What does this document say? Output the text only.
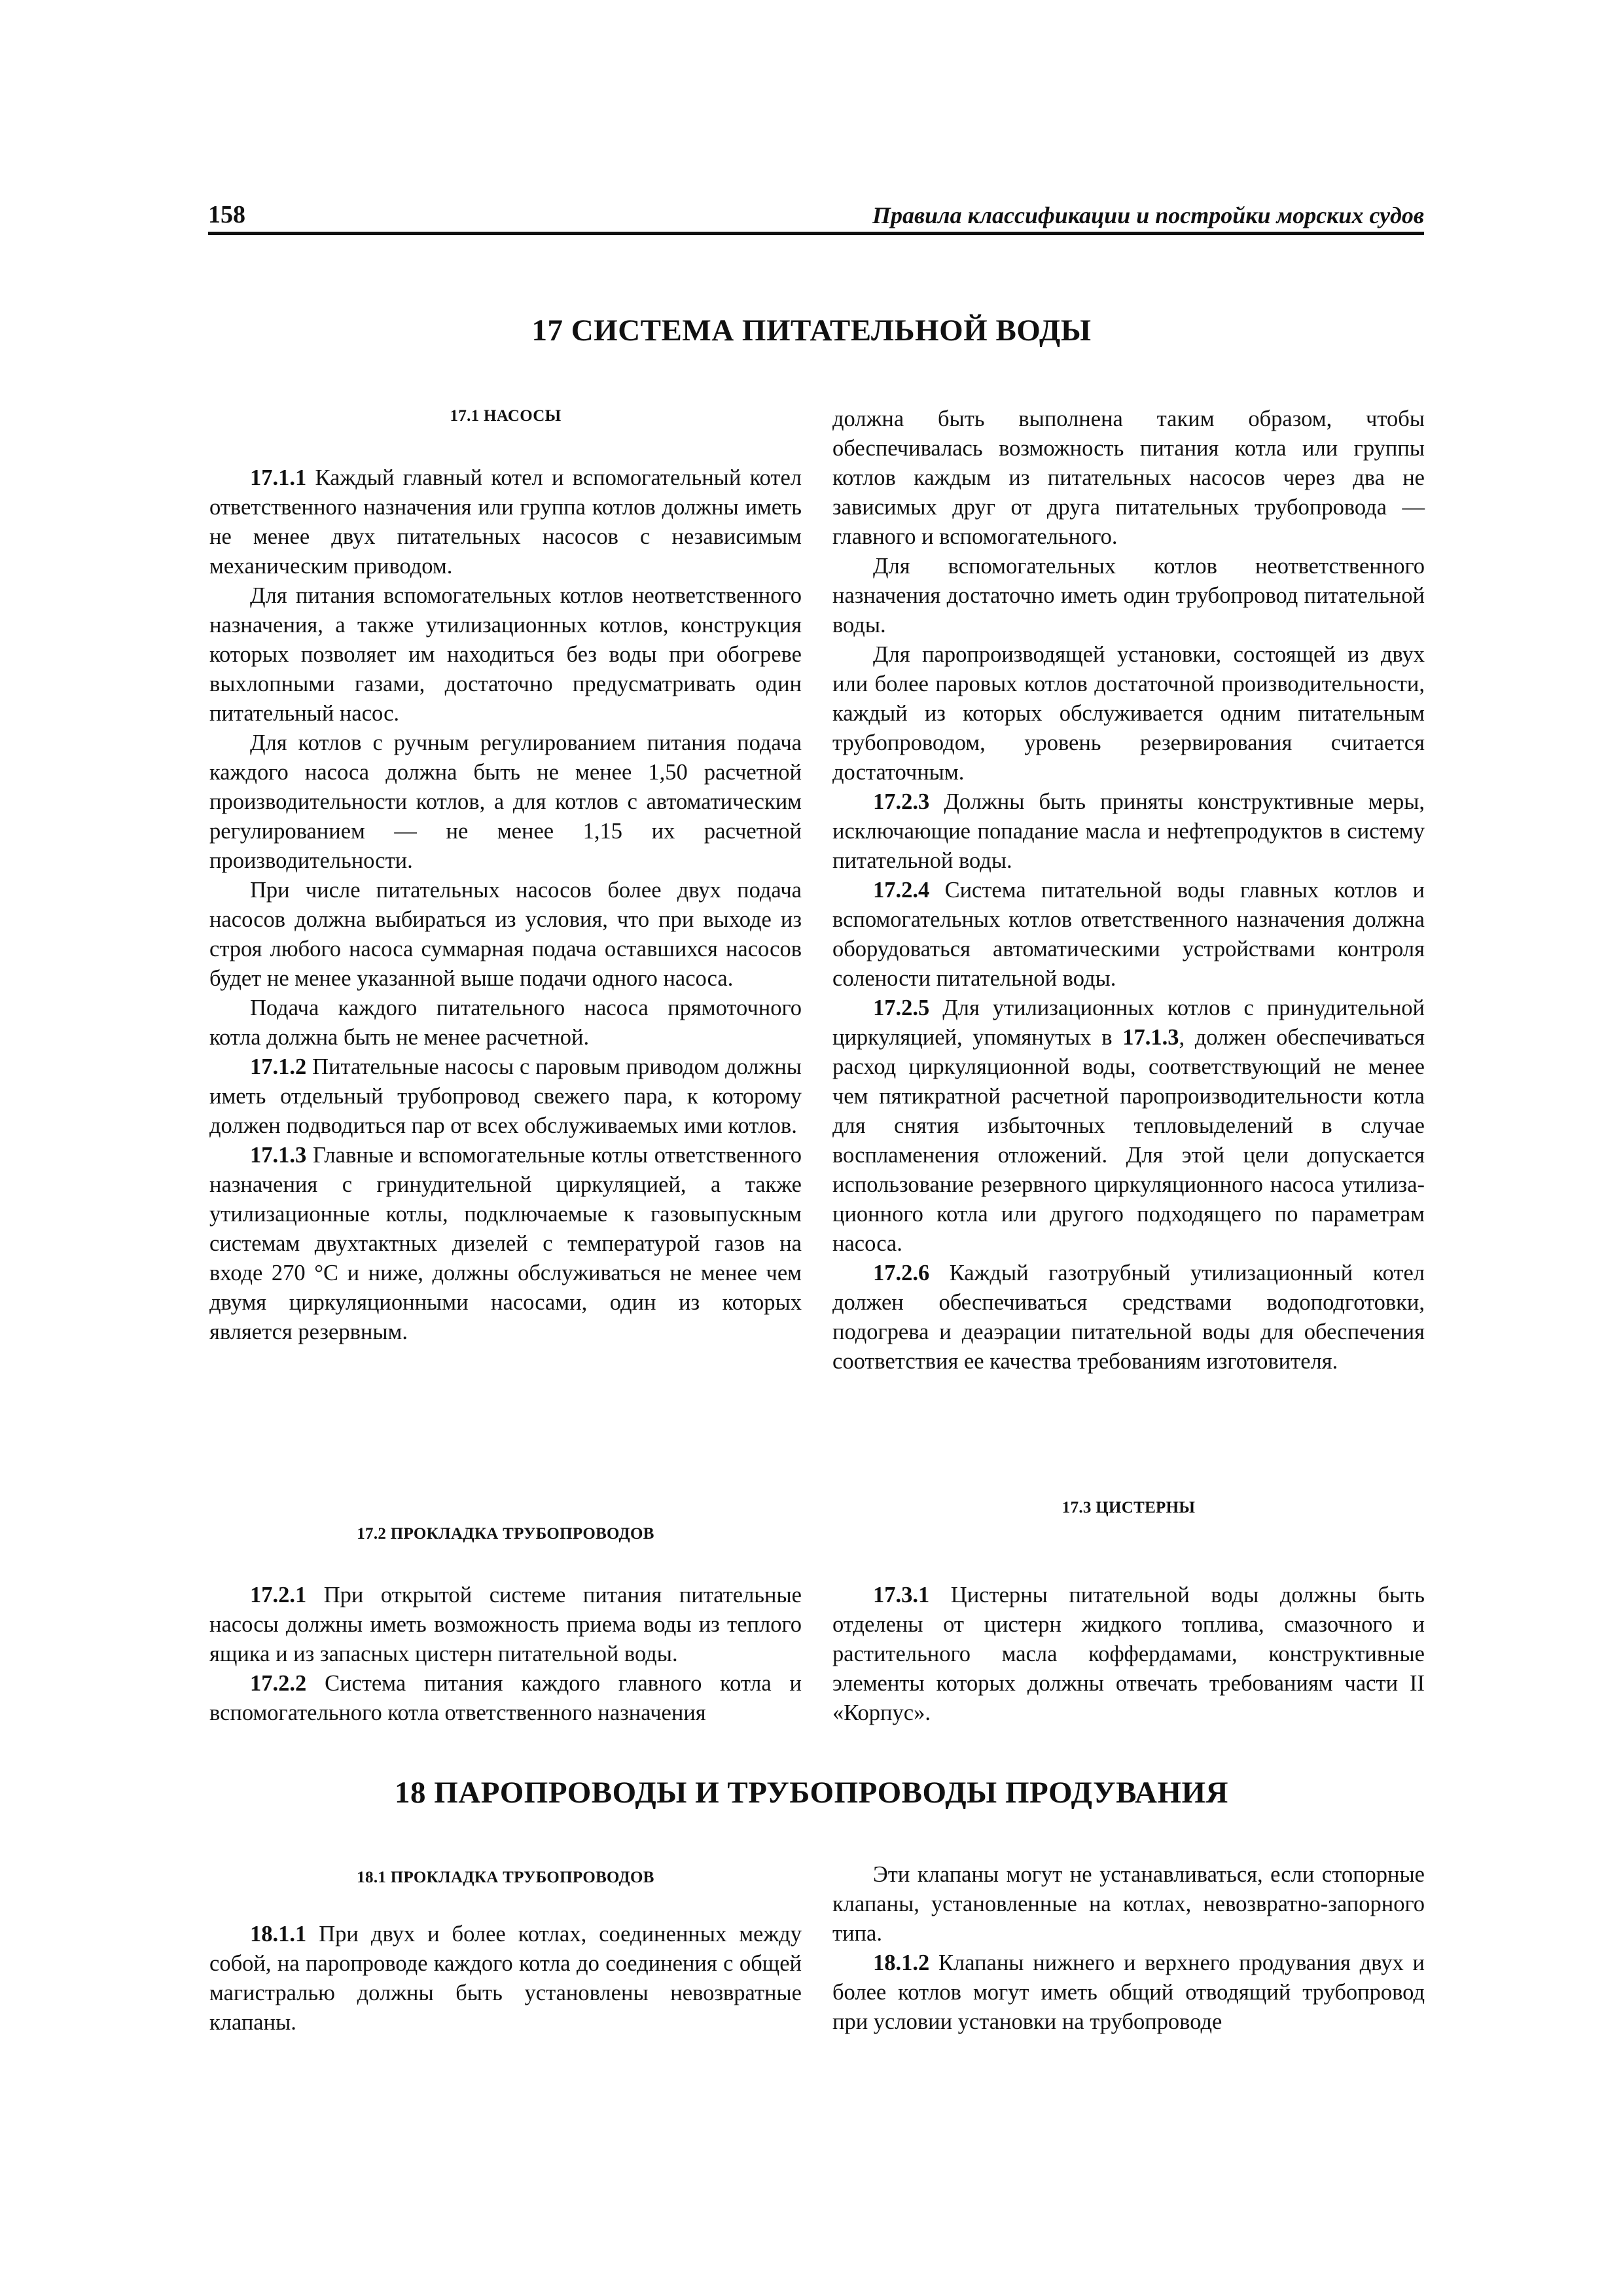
158	Правила классификации и постройки морских судов
17 СИСТЕМА ПИТАТЕЛЬНОЙ ВОДЫ
17.1 НАСОСЫ

17.1.1 Каждый главный котел и вспомогательный котел ответственного назначения или группа котлов должны иметь не менее двух питательных насосов с независимым механическим приводом.

Для питания вспомогательных котлов неответственного назначения, а также утилизационных котлов, конструкция которых позволяет им находиться без воды при обогреве выхлопными газами, достаточно предусматривать один питательный насос.

Для котлов с ручным регулированием питания подача каждого насоса должна быть не менее 1,50 расчетной производительности котлов, а для котлов с автоматическим регулированием — не менее 1,15 их расчетной производительности.

При числе питательных насосов более двух подача насосов должна выбираться из условия, что при выходе из строя любого насоса суммарная подача оставшихся насосов будет не менее указанной выше подачи одного насоса.

Подача каждого питательного насоса прямоточного котла должна быть не менее расчетной.

17.1.2 Питательные насосы с паровым приводом должны иметь отдельный трубопровод свежего пара, к которому должен подводиться пар от всех обслуживаемых ими котлов.

17.1.3 Главные и вспомогательные котлы ответственного назначения с гринудительной циркуляцией, а также утилизационные котлы, подключаемые к газовыпускным системам двухтактных дизелей с температурой газов на входе 270 °C и ниже, должны обслуживаться не менее чем двумя циркуляционными насосами, один из которых является резервным.

17.2 ПРОКЛАДКА ТРУБОПРОВОДОВ

17.2.1 При открытой системе питания питательные насосы должны иметь возможность приема воды из теплого ящика и из запасных цистерн питательной воды.

17.2.2 Система питания каждого главного котла и вспомогательного котла ответственного назначения

должна быть выполнена таким образом, чтобы обеспечивалась возможность питания котла или группы котлов каждым из питательных насосов через два не зависимых друг от друга питательных трубопровода — главного и вспомогательного.

Для вспомогательных котлов неответственного назначения достаточно иметь один трубопровод питательной воды.

Для паропроизводящей установки, состоящей из двух или более паровых котлов достаточной производительности, каждый из которых обслуживается одним питательным трубопроводом, уровень резервирования считается достаточным.

17.2.3 Должны быть приняты конструктивные меры, исключающие попадание масла и нефтепродуктов в систему питательной воды.

17.2.4 Система питательной воды главных котлов и вспомогательных котлов ответственного назначения должна оборудоваться автоматическими устройствами контроля солености питательной воды.

17.2.5 Для утилизационных котлов с принудительной циркуляцией, упомянутых в 17.1.3, должен обеспечиваться расход циркуляционной воды, соответствующий не менее чем пятикратной расчетной паропроизводительности котла для снятия избыточных тепловыделений в случае воспламенения отложений. Для этой цели допускается использование резервного циркуляционного насоса утилиза-ционного котла или другого подходящего по параметрам насоса.

17.2.6 Каждый газотрубный утилизационный котел должен обеспечиваться средствами водоподготовки, подогрева и деаэрации питательной воды для обеспечения соответствия ее качества требованиям изготовителя.

17.3 ЦИСТЕРНЫ

17.3.1 Цистерны питательной воды должны быть отделены от цистерн жидкого топлива, смазочного и растительного масла коффердамами, конструктивные элементы которых должны отвечать требованиям части II «Корпус».

18 ПАРОПРОВОДЫ И ТРУБОПРОВОДЫ ПРОДУВАНИЯ
18.1 ПРОКЛАДКА ТРУБОПРОВОДОВ

18.1.1 При двух и более котлах, соединенных между собой, на паропроводе каждого котла до соединения с общей магистралью должны быть установлены невозвратные клапаны.

Эти клапаны могут не устанавливаться, если стопорные клапаны, установленные на котлах, невозвратно-запорного типа.

18.1.2 Клапаны нижнего и верхнего продувания двух и более котлов могут иметь общий отводящий трубопровод при условии установки на трубопроводе
